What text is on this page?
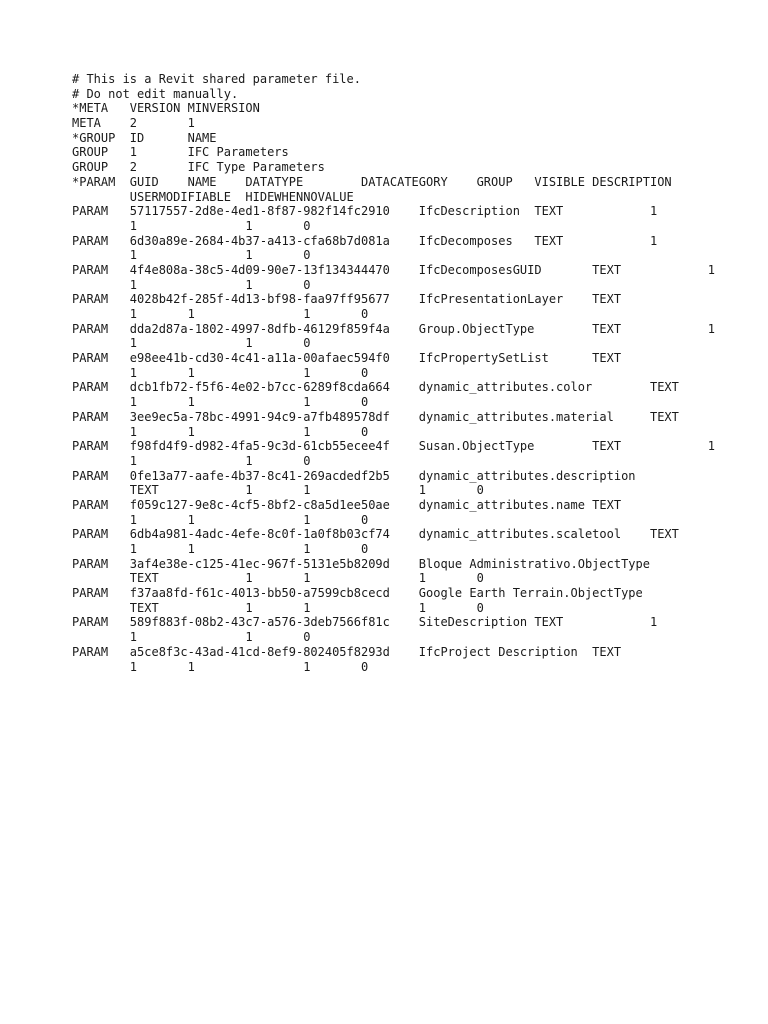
# This is a Revit shared parameter file.
# Do not edit manually.
*META	VERSION	MINVERSION
META	2	1
*GROUP	ID	NAME
GROUP	1	IFC Parameters
GROUP	2	IFC Type Parameters
*PARAM	GUID	NAME	DATATYPE	DATACATEGORY	GROUP	VISIBLE	DESCRIPTION
	USERMODIFIABLE	HIDEWHENNOVALUE
PARAM	57117557-2d8e-4ed1-8f87-982f14fc2910	IfcDescription	TEXT		1
	1		1	0
PARAM	6d30a89e-2684-4b37-a413-cfa68b7d081a	IfcDecomposes	TEXT		1
	1		1	0
PARAM	4f4e808a-38c5-4d09-90e7-13f134344470	IfcDecomposesGUID	TEXT		1
	1		1	0
PARAM	4028b42f-285f-4d13-bf98-faa97ff95677	IfcPresentationLayer	TEXT
	1	1		1	0
PARAM	dda2d87a-1802-4997-8dfb-46129f859f4a	Group.ObjectType	TEXT		1
	1		1	0
PARAM	e98ee41b-cd30-4c41-a11a-00afaec594f0	IfcPropertySetList	TEXT
	1	1		1	0
PARAM	dcb1fb72-f5f6-4e02-b7cc-6289f8cda664	dynamic_attributes.color	TEXT
	1	1		1	0
PARAM	3ee9ec5a-78bc-4991-94c9-a7fb489578df	dynamic_attributes.material	TEXT
	1	1		1	0
PARAM	f98fd4f9-d982-4fa5-9c3d-61cb55ecee4f	Susan.ObjectType	TEXT		1
	1		1	0
PARAM	0fe13a77-aafe-4b37-8c41-269acdedf2b5	dynamic_attributes.description
	TEXT		1	1		1	0
PARAM	f059c127-9e8c-4cf5-8bf2-c8a5d1ee50ae	dynamic_attributes.name	TEXT
	1	1		1	0
PARAM	6db4a981-4adc-4efe-8c0f-1a0f8b03cf74	dynamic_attributes.scaletool	TEXT
	1	1		1	0
PARAM	3af4e38e-c125-41ec-967f-5131e5b8209d	Bloque Administrativo.ObjectType
	TEXT		1	1		1	0
PARAM	f37aa8fd-f61c-4013-bb50-a7599cb8cecd	Google Earth Terrain.ObjectType
	TEXT		1	1		1	0
PARAM	589f883f-08b2-43c7-a576-3deb7566f81c	SiteDescription	TEXT		1
	1		1	0
PARAM	a5ce8f3c-43ad-41cd-8ef9-802405f8293d	IfcProject Description	TEXT
	1	1		1	0
